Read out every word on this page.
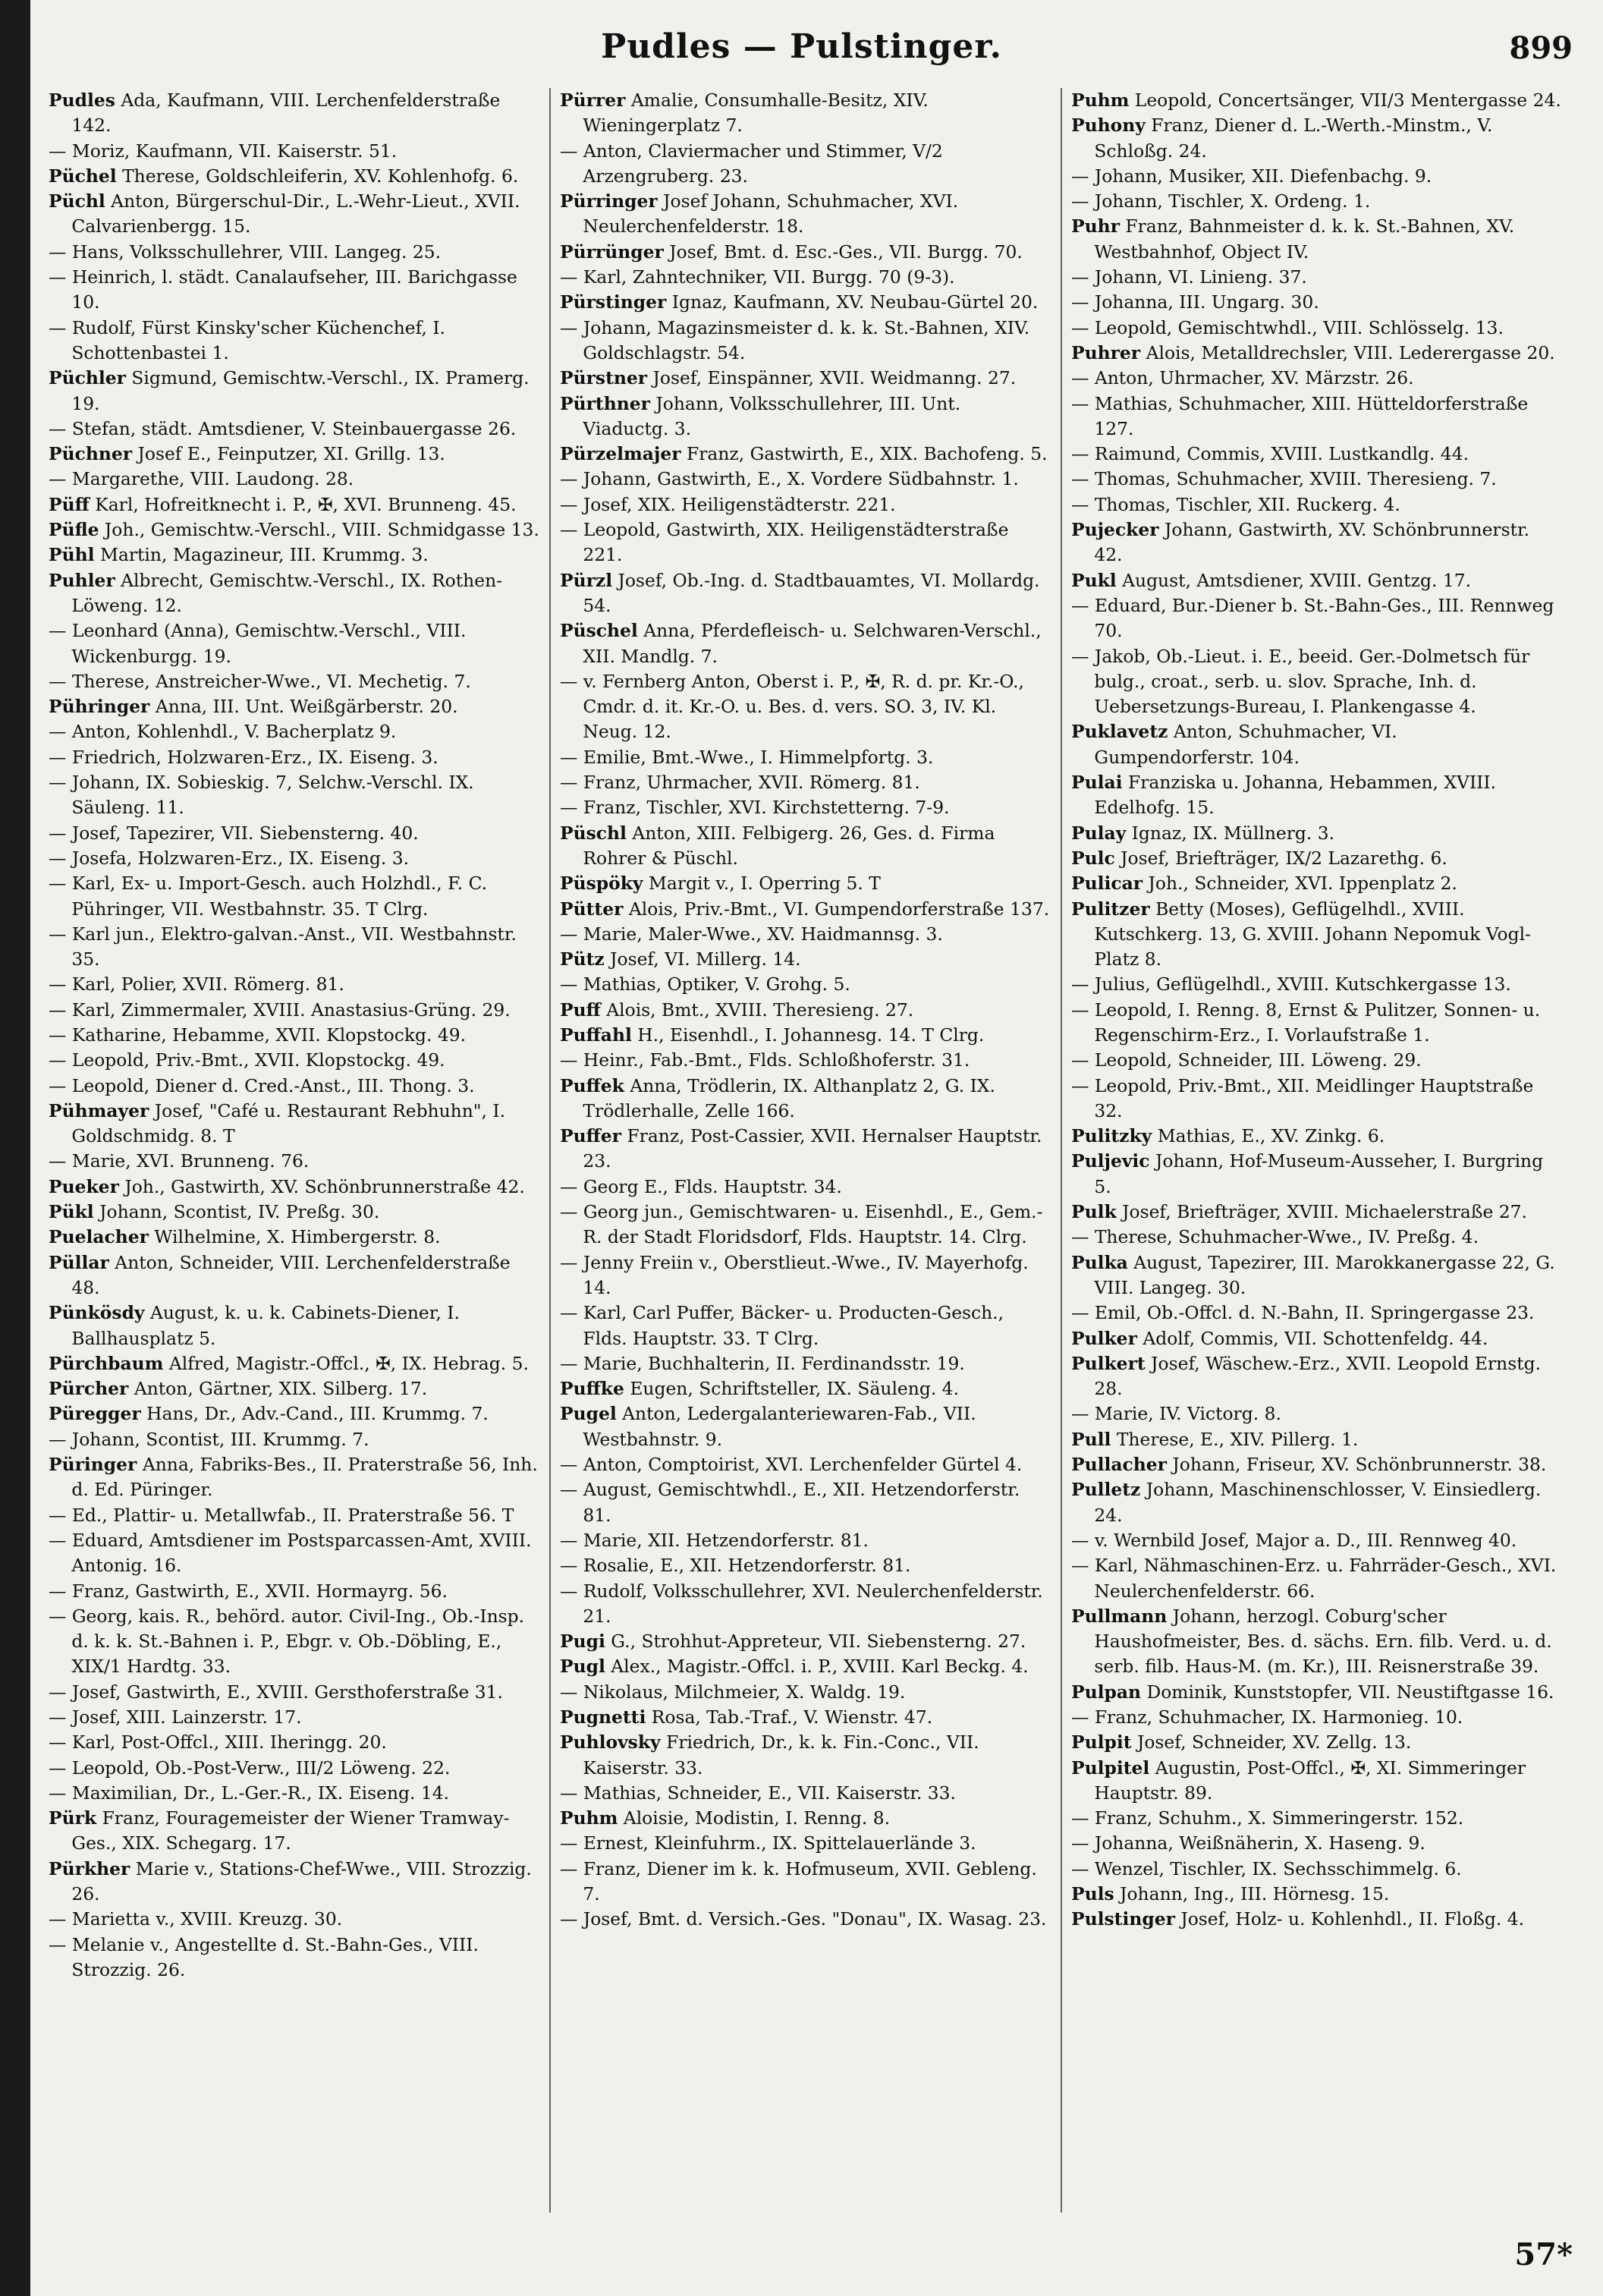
Pudles — Pulstinger.	899

Pudles Ada, Kaufmann, VIII. Lerchenfelderstraße 142.

— Moriz, Kaufmann, VII. Kaiserstr. 51.

Püchel Therese, Goldschleiferin, XV. Kohlenhofg. 6.

Püchl Anton, Bürgerschul-Dir., L.-Wehr-Lieut., XVII. Calvarienbergg. 15.

— Hans, Volksschullehrer, VIII. Langeg. 25.

— Heinrich, l. städt. Canalaufseher, III. Barichgasse 10.

— Rudolf, Fürst Kinsky'scher Küchenchef, I. Schottenbastei 1.

Püchler Sigmund, Gemischtw.-Verschl., IX. Pramerg. 19.

— Stefan, städt. Amtsdiener, V. Steinbauergasse 26.

Püchner Josef E., Feinputzer, XI. Grillg. 13.

— Margarethe, VIII. Laudong. 28.

Püff Karl, Hofreitknecht i. P., ✠, XVI. Brunneng. 45.

Püfle Joh., Gemischtw.-Verschl., VIII. Schmidgasse 13.

Pühl Martin, Magazineur, III. Krummg. 3.

Puhler Albrecht, Gemischtw.-Verschl., IX. Rothen-Löweng. 12.

— Leonhard (Anna), Gemischtw.-Verschl., VIII. Wickenburgg. 19.

— Therese, Anstreicher-Wwe., VI. Mechetig. 7.

Pühringer Anna, III. Unt. Weißgärberstr. 20.

— Anton, Kohlenhdl., V. Bacherplatz 9.

— Friedrich, Holzwaren-Erz., IX. Eiseng. 3.

— Johann, IX. Sobieskig. 7, Selchw.-Verschl. IX. Säuleng. 11.

— Josef, Tapezirer, VII. Siebensterng. 40.

— Josefa, Holzwaren-Erz., IX. Eiseng. 3.

— Karl, Ex- u. Import-Gesch. auch Holzhdl., F. C. Pühringer, VII. Westbahnstr. 35. T Clrg.

— Karl jun., Elektro-galvan.-Anst., VII. Westbahnstr. 35.

— Karl, Polier, XVII. Römerg. 81.

— Karl, Zimmermaler, XVIII. Anastasius-Grüng. 29.

— Katharine, Hebamme, XVII. Klopstockg. 49.

— Leopold, Priv.-Bmt., XVII. Klopstockg. 49.

— Leopold, Diener d. Cred.-Anst., III. Thong. 3.

Pühmayer Josef, "Café u. Restaurant Rebhuhn", I. Goldschmidg. 8. T

— Marie, XVI. Brunneng. 76.

Pueker Joh., Gastwirth, XV. Schönbrunnerstraße 42.

Pükl Johann, Scontist, IV. Preßg. 30.

Puelacher Wilhelmine, X. Himbergerstr. 8.

Püllar Anton, Schneider, VIII. Lerchenfelderstraße 48.

Pünkösdy August, k. u. k. Cabinets-Diener, I. Ballhausplatz 5.

Pürchbaum Alfred, Magistr.-Offcl., ✠, IX. Hebrag. 5.

Pürcher Anton, Gärtner, XIX. Silberg. 17.

Püregger Hans, Dr., Adv.-Cand., III. Krummg. 7.

— Johann, Scontist, III. Krummg. 7.

Püringer Anna, Fabriks-Bes., II. Praterstraße 56, Inh. d. Ed. Püringer.

— Ed., Plattir- u. Metallwfab., II. Praterstraße 56. T

— Eduard, Amtsdiener im Postsparcassen-Amt, XVIII. Antonig. 16.

— Franz, Gastwirth, E., XVII. Hormayrg. 56.

— Georg, kais. R., behörd. autor. Civil-Ing., Ob.-Insp. d. k. k. St.-Bahnen i. P., Ebgr. v. Ob.-Döbling, E., XIX/1 Hardtg. 33.

— Josef, Gastwirth, E., XVIII. Gersthoferstraße 31.

— Josef, XIII. Lainzerstr. 17.

— Karl, Post-Offcl., XIII. Iheringg. 20.

— Leopold, Ob.-Post-Verw., III/2 Löweng. 22.

— Maximilian, Dr., L.-Ger.-R., IX. Eiseng. 14.

Pürk Franz, Fouragemeister der Wiener Tramway-Ges., XIX. Schegarg. 17.

Pürkher Marie v., Stations-Chef-Wwe., VIII. Strozzig. 26.

— Marietta v., XVIII. Kreuzg. 30.

— Melanie v., Angestellte d. St.-Bahn-Ges., VIII. Strozzig. 26.

Pürrer Amalie, Consumhalle-Besitz, XIV. Wieningerplatz 7.

— Anton, Claviermacher und Stimmer, V/2 Arzengruberg. 23.

Pürringer Josef Johann, Schuhmacher, XVI. Neulerchenfelderstr. 18.

Pürrünger Josef, Bmt. d. Esc.-Ges., VII. Burgg. 70.

— Karl, Zahntechniker, VII. Burgg. 70 (9-3).

Pürstinger Ignaz, Kaufmann, XV. Neubau-Gürtel 20.

— Johann, Magazinsmeister d. k. k. St.-Bahnen, XIV. Goldschlagstr. 54.

Pürstner Josef, Einspänner, XVII. Weidmanng. 27.

Pürthner Johann, Volksschullehrer, III. Unt. Viaductg. 3.

Pürzelmajer Franz, Gastwirth, E., XIX. Bachofeng. 5.

— Johann, Gastwirth, E., X. Vordere Südbahnstr. 1.

— Josef, XIX. Heiligenstädterstr. 221.

— Leopold, Gastwirth, XIX. Heiligenstädterstraße 221.

Pürzl Josef, Ob.-Ing. d. Stadtbauamtes, VI. Mollardg. 54.

Püschel Anna, Pferdefleisch- u. Selchwaren-Verschl., XII. Mandlg. 7.

— v. Fernberg Anton, Oberst i. P., ✠, R. d. pr. Kr.-O., Cmdr. d. it. Kr.-O. u. Bes. d. vers. SO. 3, IV. Kl. Neug. 12.

— Emilie, Bmt.-Wwe., I. Himmelpfortg. 3.

— Franz, Uhrmacher, XVII. Römerg. 81.

— Franz, Tischler, XVI. Kirchstetterng. 7-9.

Püschl Anton, XIII. Felbigerg. 26, Ges. d. Firma Rohrer & Püschl.

Püspöky Margit v., I. Operring 5. T

Pütter Alois, Priv.-Bmt., VI. Gumpendorferstraße 137.

— Marie, Maler-Wwe., XV. Haidmannsg. 3.

Pütz Josef, VI. Millerg. 14.

— Mathias, Optiker, V. Grohg. 5.

Puff Alois, Bmt., XVIII. Theresieng. 27.

Puffahl H., Eisenhdl., I. Johannesg. 14. T Clrg.

— Heinr., Fab.-Bmt., Flds. Schloßhoferstr. 31.

Puffek Anna, Trödlerin, IX. Althanplatz 2, G. IX. Trödlerhalle, Zelle 166.

Puffer Franz, Post-Cassier, XVII. Hernalser Hauptstr. 23.

— Georg E., Flds. Hauptstr. 34.

— Georg jun., Gemischtwaren- u. Eisenhdl., E., Gem.-R. der Stadt Floridsdorf, Flds. Hauptstr. 14. Clrg.

— Jenny Freiin v., Oberstlieut.-Wwe., IV. Mayerhofg. 14.

— Karl, Carl Puffer, Bäcker- u. Producten-Gesch., Flds. Hauptstr. 33. T Clrg.

— Marie, Buchhalterin, II. Ferdinandsstr. 19.

Puffke Eugen, Schriftsteller, IX. Säuleng. 4.

Pugel Anton, Ledergalanteriewaren-Fab., VII. Westbahnstr. 9.

— Anton, Comptoirist, XVI. Lerchenfelder Gürtel 4.

— August, Gemischtwhdl., E., XII. Hetzendorferstr. 81.

— Marie, XII. Hetzendorferstr. 81.

— Rosalie, E., XII. Hetzendorferstr. 81.

— Rudolf, Volksschullehrer, XVI. Neulerchenfelderstr. 21.

Pugi G., Strohhut-Appreteur, VII. Siebensterng. 27.

Pugl Alex., Magistr.-Offcl. i. P., XVIII. Karl Beckg. 4.

— Nikolaus, Milchmeier, X. Waldg. 19.

Pugnetti Rosa, Tab.-Traf., V. Wienstr. 47.

Puhlovsky Friedrich, Dr., k. k. Fin.-Conc., VII. Kaiserstr. 33.

— Mathias, Schneider, E., VII. Kaiserstr. 33.

Puhm Aloisie, Modistin, I. Renng. 8.

— Ernest, Kleinfuhrm., IX. Spittelauerlände 3.

— Franz, Diener im k. k. Hofmuseum, XVII. Gebleng. 7.

— Josef, Bmt. d. Versich.-Ges. "Donau", IX. Wasag. 23.

Puhm Leopold, Concertsänger, VII/3 Mentergasse 24.

Puhony Franz, Diener d. L.-Werth.-Minstm., V. Schloßg. 24.

— Johann, Musiker, XII. Diefenbachg. 9.

— Johann, Tischler, X. Ordeng. 1.

Puhr Franz, Bahnmeister d. k. k. St.-Bahnen, XV. Westbahnhof, Object IV.

— Johann, VI. Linieng. 37.

— Johanna, III. Ungarg. 30.

— Leopold, Gemischtwhdl., VIII. Schlösselg. 13.

Puhrer Alois, Metalldrechsler, VIII. Lederergasse 20.

— Anton, Uhrmacher, XV. Märzstr. 26.

— Mathias, Schuhmacher, XIII. Hütteldorferstraße 127.

— Raimund, Commis, XVIII. Lustkandlg. 44.

— Thomas, Schuhmacher, XVIII. Theresieng. 7.

— Thomas, Tischler, XII. Ruckerg. 4.

Pujecker Johann, Gastwirth, XV. Schönbrunnerstr. 42.

Pukl August, Amtsdiener, XVIII. Gentzg. 17.

— Eduard, Bur.-Diener b. St.-Bahn-Ges., III. Rennweg 70.

— Jakob, Ob.-Lieut. i. E., beeid. Ger.-Dolmetsch für bulg., croat., serb. u. slov. Sprache, Inh. d. Uebersetzungs-Bureau, I. Plankengasse 4.

Puklavetz Anton, Schuhmacher, VI. Gumpendorferstr. 104.

Pulai Franziska u. Johanna, Hebammen, XVIII. Edelhofg. 15.

Pulay Ignaz, IX. Müllnerg. 3.

Pulc Josef, Briefträger, IX/2 Lazarethg. 6.

Pulicar Joh., Schneider, XVI. Ippenplatz 2.

Pulitzer Betty (Moses), Geflügelhdl., XVIII. Kutschkerg. 13, G. XVIII. Johann Nepomuk Vogl-Platz 8.

— Julius, Geflügelhdl., XVIII. Kutschkergasse 13.

— Leopold, I. Renng. 8, Ernst & Pulitzer, Sonnen- u. Regenschirm-Erz., I. Vorlaufstraße 1.

— Leopold, Schneider, III. Löweng. 29.

— Leopold, Priv.-Bmt., XII. Meidlinger Hauptstraße 32.

Pulitzky Mathias, E., XV. Zinkg. 6.

Puljevic Johann, Hof-Museum-Ausseher, I. Burgring 5.

Pulk Josef, Briefträger, XVIII. Michaelerstraße 27.

— Therese, Schuhmacher-Wwe., IV. Preßg. 4.

Pulka August, Tapezirer, III. Marokkanergasse 22, G. VIII. Langeg. 30.

— Emil, Ob.-Offcl. d. N.-Bahn, II. Springergasse 23.

Pulker Adolf, Commis, VII. Schottenfeldg. 44.

Pulkert Josef, Wäschew.-Erz., XVII. Leopold Ernstg. 28.

— Marie, IV. Victorg. 8.

Pull Therese, E., XIV. Pillerg. 1.

Pullacher Johann, Friseur, XV. Schönbrunnerstr. 38.

Pulletz Johann, Maschinenschlosser, V. Einsiedlerg. 24.

— v. Wernbild Josef, Major a. D., III. Rennweg 40.

— Karl, Nähmaschinen-Erz. u. Fahrräder-Gesch., XVI. Neulerchenfelderstr. 66.

Pullmann Johann, herzogl. Coburg'scher Haushofmeister, Bes. d. sächs. Ern. filb. Verd. u. d. serb. filb. Haus-M. (m. Kr.), III. Reisnerstraße 39.

Pulpan Dominik, Kunststopfer, VII. Neustiftgasse 16.

— Franz, Schuhmacher, IX. Harmonieg. 10.

Pulpit Josef, Schneider, XV. Zellg. 13.

Pulpitel Augustin, Post-Offcl., ✠, XI. Simmeringer Hauptstr. 89.

— Franz, Schuhm., X. Simmeringerstr. 152.

— Johanna, Weißnäherin, X. Haseng. 9.

— Wenzel, Tischler, IX. Sechsschimmelg. 6.

Puls Johann, Ing., III. Hörnesg. 15.

Pulstinger Josef, Holz- u. Kohlenhdl., II. Floßg. 4.

57*
